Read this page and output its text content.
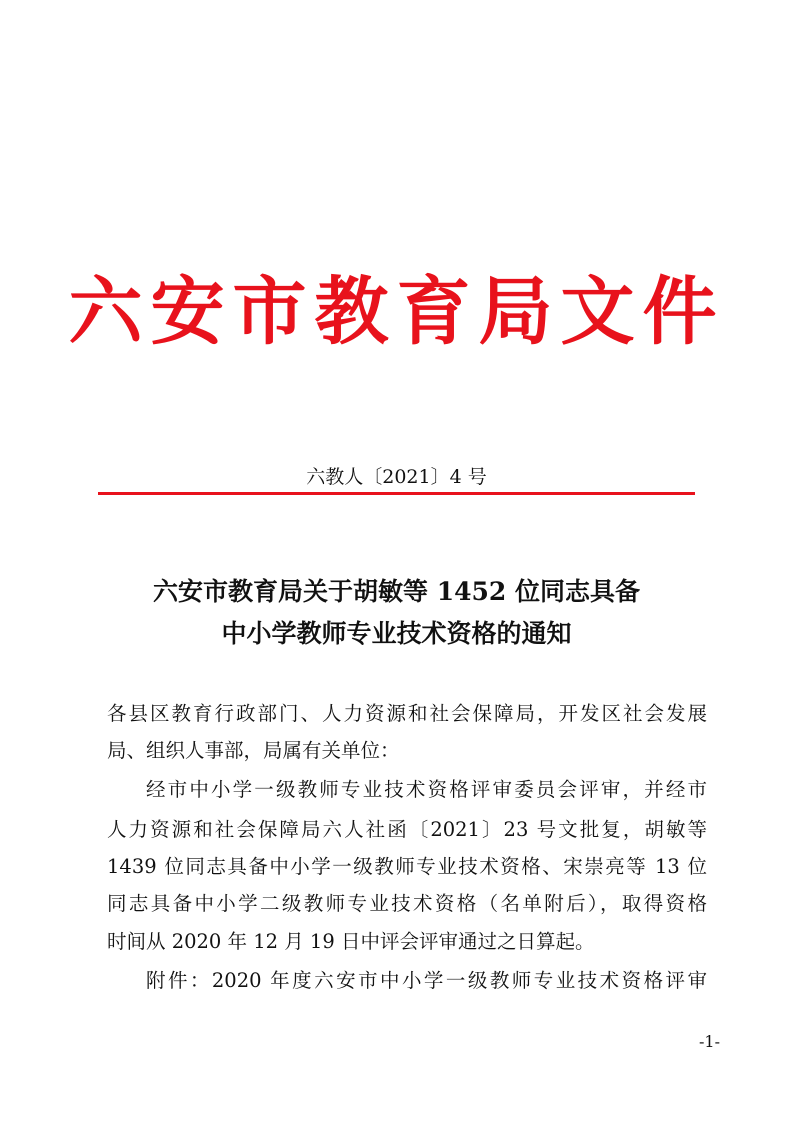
六安市教育局文件
六教人〔2021〕4 号
六安市教育局关于胡敏等 1452 位同志具备
中小学教师专业技术资格的通知
各县区教育行政部门、人力资源和社会保障局，开发区社会发展
局、组织人事部，局属有关单位：
经市中小学一级教师专业技术资格评审委员会评审，并经市
人力资源和社会保障局六人社函〔2021〕23 号文批复，胡敏等
1439 位同志具备中小学一级教师专业技术资格、宋崇亮等 13 位
同志具备中小学二级教师专业技术资格（名单附后），取得资格
时间从 2020 年 12 月 19 日中评会评审通过之日算起。
附件：2020 年度六安市中小学一级教师专业技术资格评审
-1-
